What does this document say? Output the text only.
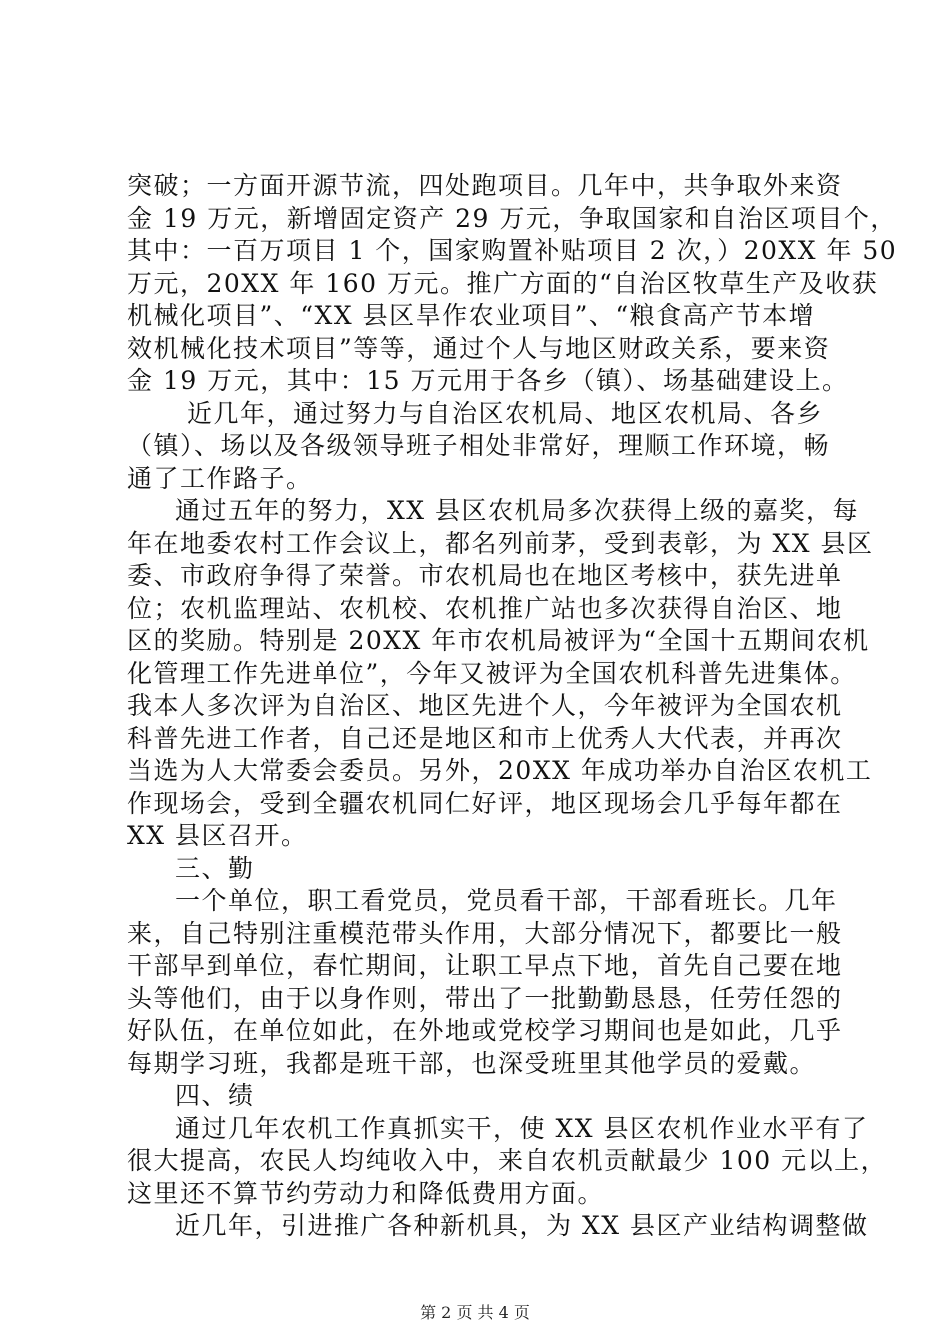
突破；一方面开源节流，四处跑项目。几年中，共争取外来资
金 19 万元，新增固定资产 29 万元，争取国家和自治区项目个，
其中：一百万项目 1 个，国家购置补贴项目 2 次，）20XX 年 50
万元，20XX 年 160 万元。推广方面的“自治区牧草生产及收获
机械化项目”、“XX 县区旱作农业项目”、“粮食高产节本增
效机械化技术项目”等等，通过个人与地区财政关系，要来资
金 19 万元，其中：15 万元用于各乡（镇）、场基础建设上。
近几年，通过努力与自治区农机局、地区农机局、各乡
（镇）、场以及各级领导班子相处非常好，理顺工作环境，畅
通了工作路子。
通过五年的努力，XX 县区农机局多次获得上级的嘉奖，每
年在地委农村工作会议上，都名列前茅，受到表彰，为 XX 县区
委、市政府争得了荣誉。市农机局也在地区考核中，获先进单
位；农机监理站、农机校、农机推广站也多次获得自治区、地
区的奖励。特别是 20XX 年市农机局被评为“全国十五期间农机
化管理工作先进单位”，今年又被评为全国农机科普先进集体。
我本人多次评为自治区、地区先进个人，今年被评为全国农机
科普先进工作者，自己还是地区和市上优秀人大代表，并再次
当选为人大常委会委员。另外，20XX 年成功举办自治区农机工
作现场会，受到全疆农机同仁好评，地区现场会几乎每年都在
XX 县区召开。
三、勤
一个单位，职工看党员，党员看干部，干部看班长。几年
来，自己特别注重模范带头作用，大部分情况下，都要比一般
干部早到单位，春忙期间，让职工早点下地，首先自己要在地
头等他们，由于以身作则，带出了一批勤勤恳恳，任劳任怨的
好队伍，在单位如此，在外地或党校学习期间也是如此，几乎
每期学习班，我都是班干部，也深受班里其他学员的爱戴。
四、绩
通过几年农机工作真抓实干，使 XX 县区农机作业水平有了
很大提高，农民人均纯收入中，来自农机贡献最少 100 元以上，
这里还不算节约劳动力和降低费用方面。
近几年，引进推广各种新机具，为 XX 县区产业结构调整做
第 2 页 共 4 页
